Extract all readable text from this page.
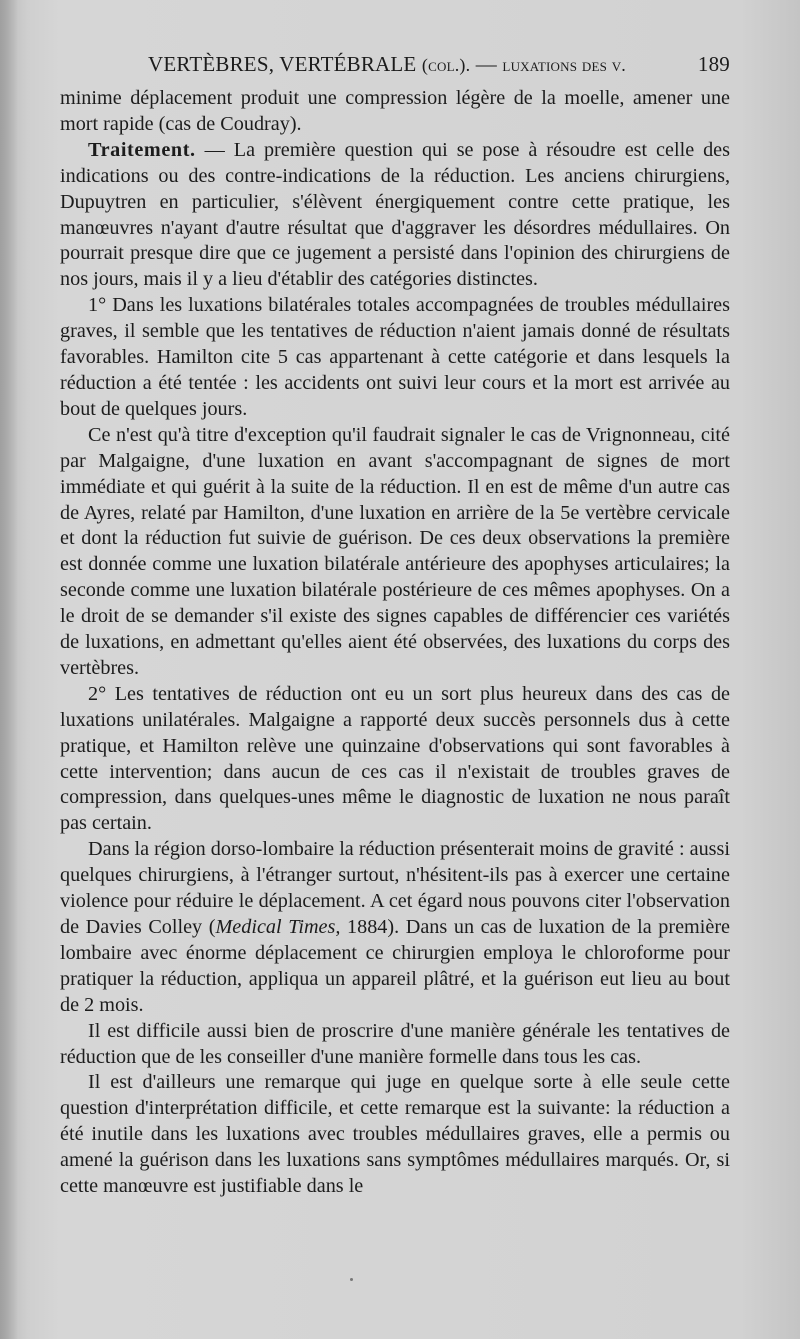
VERTÈBRES, VERTÉBRALE (col.). — luxations des v.	189

minime déplacement produit une compression légère de la moelle, amener une mort rapide (cas de Coudray).

Traitement. — La première question qui se pose à résoudre est celle des indications ou des contre-indications de la réduction. Les anciens chirurgiens, Dupuytren en particulier, s'élèvent énergiquement contre cette pratique, les manœuvres n'ayant d'autre résultat que d'aggraver les désordres médullaires. On pourrait presque dire que ce jugement a persisté dans l'opinion des chirurgiens de nos jours, mais il y a lieu d'établir des catégories distinctes.

1° Dans les luxations bilatérales totales accompagnées de troubles médullaires graves, il semble que les tentatives de réduction n'aient jamais donné de résultats favorables. Hamilton cite 5 cas appartenant à cette catégorie et dans lesquels la réduction a été tentée : les accidents ont suivi leur cours et la mort est arrivée au bout de quelques jours.

Ce n'est qu'à titre d'exception qu'il faudrait signaler le cas de Vrignonneau, cité par Malgaigne, d'une luxation en avant s'accompagnant de signes de mort immédiate et qui guérit à la suite de la réduction. Il en est de même d'un autre cas de Ayres, relaté par Hamilton, d'une luxation en arrière de la 5e vertèbre cervicale et dont la réduction fut suivie de guérison. De ces deux observations la première est donnée comme une luxation bilatérale antérieure des apophyses articulaires; la seconde comme une luxation bilatérale postérieure de ces mêmes apophyses. On a le droit de se demander s'il existe des signes capables de différencier ces variétés de luxations, en admettant qu'elles aient été observées, des luxations du corps des vertèbres.

2° Les tentatives de réduction ont eu un sort plus heureux dans des cas de luxations unilatérales. Malgaigne a rapporté deux succès personnels dus à cette pratique, et Hamilton relève une quinzaine d'observations qui sont favorables à cette intervention; dans aucun de ces cas il n'existait de troubles graves de compression, dans quelques-unes même le diagnostic de luxation ne nous paraît pas certain.

Dans la région dorso-lombaire la réduction présenterait moins de gravité : aussi quelques chirurgiens, à l'étranger surtout, n'hésitent-ils pas à exercer une certaine violence pour réduire le déplacement. A cet égard nous pouvons citer l'observation de Davies Colley (Medical Times, 1884). Dans un cas de luxation de la première lombaire avec énorme déplacement ce chirurgien employa le chloroforme pour pratiquer la réduction, appliqua un appareil plâtré, et la guérison eut lieu au bout de 2 mois.

Il est difficile aussi bien de proscrire d'une manière générale les tentatives de réduction que de les conseiller d'une manière formelle dans tous les cas.

Il est d'ailleurs une remarque qui juge en quelque sorte à elle seule cette question d'interprétation difficile, et cette remarque est la suivante: la réduction a été inutile dans les luxations avec troubles médullaires graves, elle a permis ou amené la guérison dans les luxations sans symptômes médullaires marqués. Or, si cette manœuvre est justifiable dans le
